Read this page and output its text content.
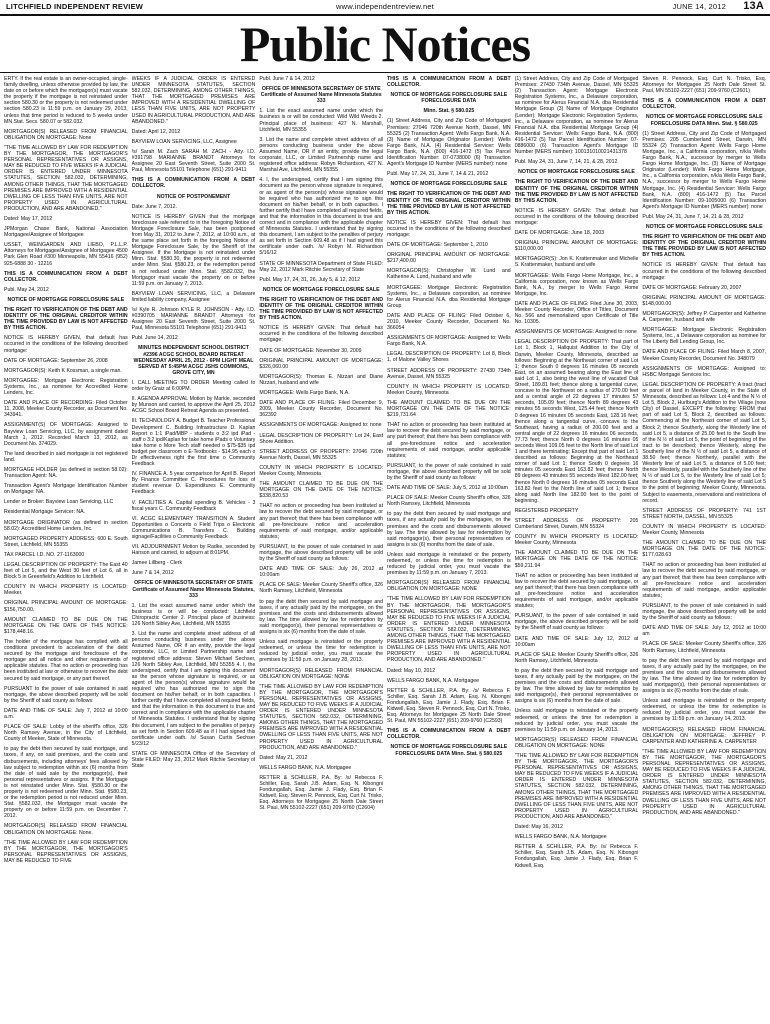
LITCHFIELD INDEPENDENT REVIEW	www.independentreview.net	JUNE 14, 2012 13A
Public Notices

ERTY. If the real estate is an owner-occupied, single-family dwelling, unless otherwise provided by law, the date on or before which the mortgagor(s) must vacate the property if the mortgage is not reinstated under section 580.30 or the property is not redeemed under section 580.23 is 11:59 p.m. on January 29, 2013, unless that time period is reduced to 5 weeks under MN Stat. Secs. 580.07 or 582.032.

MORTGAGOR(S) RELEASED FROM FINANCIAL OBLIGATION ON MORTGAGE: None

"THE TIME ALLOWED BY LAW FOR REDEMPTION BY THE MORTGAGOR, THE MORTGAGOR'S PERSONAL REPRESENTATIVES OR ASSIGNS, MAY BE REDUCED TO FIVE WEEKS IF A JUDICIAL ORDER IS ENTERED UNDER MINNESOTA STATUTES, SECTION 582.032, DETERMINING, AMONG OTHER THINGS, THAT THE MORTGAGED PREMISES ARE IMPROVED WITH A RESIDENTIAL DWELLING OF LESS THAN FIVE UNITS, ARE NOT PROPERTY USED IN AGRICULTURAL PRODUCTION, AND ARE ABANDONED."

Dated: May 17, 2012

JPMorgan Chase Bank, National Association Mortgagee/Assignee of Mortgagee

USSET, WEINGARDEN AND LIEBO, P.L.L.P. Attorneys for Mortgagee/Assignee of Mortgagee 4500 Park Glen Road #300 Minneapolis, MN 55416 (952) 925-6888 30 - 12216

THIS IS A COMMUNICATION FROM A DEBT COLLECTOR.

Publ. May 24, 2012

NOTICE OF MORTGAGE FORECLOSURE SALE

THE RIGHT TO VERIFICATION OF THE DEBT AND IDENTITY OF THE ORIGINAL CREDITOR WITHIN THE TIME PROVIDED BY LAW IS NOT AFFECTED BY THIS ACTION.

NOTICE IS HEREBY GIVEN, that default has occurred in the conditions of the following described mortgage:

DATE OF MORTGAGE: September 26, 2008

MORTGAGOR(S): Keith K Kossman, a single man.

MORTGAGEE: Mortgage Electronic Registration Systems, Inc., as nominee for Accredited Home Lenders, Inc.

DATE AND PLACE OF RECORDING: Filed October 11, 2008, Meeker County Recorder, as Document No. 343941.

ASSIGNMENT(S) OF MORTGAGE: Assigned to Bayview Loan Servicing, LLC, by assignment dated March 1, 2012. Recorded March 13, 2012, as Document No. 374029.

The land described in said mortgage is not registered land.

MORTGAGE HOLDER (as defined in section 58.02): Transaction Agent: NA.

Transaction Agent's Mortgage Identification Number on Mortgage: NA.

Lender or Broker: Bayview Loan Servicing, LLC

Residential Mortgage Servicer: NA.

MORTGAGE ORIGINATOR (as defined in section 58.02): Accredited Home Lenders, Inc.

MORTGAGED PROPERTY ADDRESS: 600 E. South Street, Litchfield, MN 55355

TAX PARCEL I.D. NO. 27-1163000

LEGAL DESCRIPTION OF PROPERTY: The East 40 feet of Lot 5, and the West 30 feet of Lot 6, all in Block 5 in Greenfield's Addition to Litchfield.

COUNTY IN WHICH PROPERTY IS LOCATED: Meeker.

ORIGINAL PRINCIPAL AMOUNT OF MORTGAGE: $156,750.00.

AMOUNT CLAIMED TO BE DUE ON THE MORTGAGE ON THE DATE OF THIS NOTICE: $178,448.16.

The holder of the mortgage has complied with all conditions precedent to acceleration of the debt secured by the mortgage and foreclosure of the mortgage and all notice and other requirements of applicable statutes. That no action or proceeding has been instituted at law or otherwise to recover the debt secured by said mortgage, or any part thereof.

PURSUANT to the power of sale contained in said mortgage, the above described property will be sold by the Sheriff of said county as follows:

DATE AND TIME OF SALE: July 7, 2012 at 10:00 a.m.

PLACE OF SALE: Lobby of the sheriff's office, 326 North Ramsey Avenue, in the City of Litchfield, County of Meeker, State of Minnesota.

to pay the debt then secured by said mortgage, and taxes, if any, on said premises, and the costs and disbursements, including attorneys' fees allowed by law subject to redemption within six (6) months from the date of said sale by the mortgagor(s), their personal representatives or assigns. If the Mortgage is not reinstated under Minn. Stat. §580.30 or the property is not redeemed under Minn. Stat. §580.23, or the redemption period is not reduced under Minn. Stat. §582.032, the Mortgagor must vacate the property on or before 11:59 p.m. on December 7, 2012.

MORTGAGOR(S) RELEASED FROM FINANCIAL OBLIGATION ON MORTGAGE: None.

"THE TIME ALLOWED BY LAW FOR REDEMPTION BY THE MORTGAGOR, THE MORTGAGOR'S PERSONAL REPRESENTATIVES OR ASSIGNS, MAY BE REDUCED TO FIVE

WEEKS IF A JUDICIAL ORDER IS ENTERED UNDER MINNESOTA STATUTES, SECTION 582.032, DETERMINING, AMONG OTHER THINGS, THAT THE MORTGAGED PREMISES ARE IMPROVED WITH A RESIDENTIAL DWELLING OF LESS THAN FIVE UNITS, ARE NOT PROPERTY USED IN AGRICULTURAL PRODUCTION, AND ARE ABANDONED."

Dated: April 12, 2012

BAYVIEW LOAN SERVICING, LLC, Assignee

/s/ Sarah M. Zach SARAH M. ZACH - Atty. I.D. #391798 MARIANNE BRANDT Attorneys for Assignee 20 East Seventh Street, Suite 2000 St. Paul, Minnesota 55101 Telephone (651) 291-9411

THIS IS A COMMUNICATION FROM A DEBT COLLECTOR.

NOTICE OF POSTPONEMENT

Date: June 7, 2012.

NOTICE IS HEREBY GIVEN that the mortgage foreclosure sale referred to in the foregoing Notice of Mortgage Foreclosure Sale, has been postponed from May 31, 2012 to June 7, 2012, at 10:00 a.m., at the same place set forth in the foregoing Notice of Mortgage Foreclosure Sale, by the Sheriff of the Assignee. If the Mortgage is not reinstated under Minn. Stat. §580.30, the property is not redeemed under Minn. Stat. §580.23, or the redemption period is not reduced under Minn. Stat. §582.032, the Mortgagor must vacate the property on or before 11:59 p.m. on January 7, 2013.

BAYVIEW LOAN SERVICING, LLC, a Delaware limited liability company, Assignee

/s/ Kyle R. Johnson KYLE R. JOHNSON - Atty. I.D. #0390705 MARIANNE BRANDT Attorneys for Assignee 20 East Seventh Street, Suite 2000 St. Paul, Minnesota 55101 Telephone (651) 291-9411

Publ. June 14, 2012

MINUTES INDEPENDENT SCHOOL DISTRICT #2396 ACGC SCHOOL BOARD RETREAT WEDNESDAY APRIL 25, 2012 - 6PM LIGHT MEAL SERVED AT 5:45PM ACGC JSHS COMMONS, GROVE CITY, MN

I. CALL MEETING TO ORDER Meeting called to order by Graiz at 6:00PM.

II. AGENDA APPROVAL Motion by Markle, seconded by Munson and carried, to approve the April 25, 2012 ACGC School Board Retreat Agenda as presented.

III. TECHNOLOGY A. Budget B. Teacher Professional Development C. Building Infrastructure D. Kaplan Report o 1:1 iPad/MBP - students o 3:2 ipd iPad - staff o 3:2 ipd/Kaplan for take home iPads o Voluntary take home o More Tech staff needed o $75-$35 ipd budget per classroom o E-Textbooks - $14.95 each o Dr effectiveness right the first time o Community Feedback

IV. FINANCE A. 5 year comparison for April B. Report By Finance Committee C. Procedures for loss of student revenue D. Expenditures E. Community Feedback

V. FACILITIES A. Capital spending B. Vehicles - 3 fiscal years C. Community Feedback

VI. ACGC ELEMENTARY TRANSITION A. Student Opportunities o Concerts o Field Trips o Electronic Communications B. Transfers C. Building signage/Facilities o Community Feedback

VII. ADJOURNMENT Motion by Radke, seconded by Hanson and carried, to adjourn at 8:01PM.

Jamee Lillberg - Clerk

June 7 & 14, 2012

OFFICE OF MINNESOTA SECRETARY OF STATE Certificate of Assumed Name Minnesota Statutes, 333

1. List the exact assumed name under which the business is or will be conducted: Litchfield Chiropractic Center 2. Principal place of business: 126 North Sibley Ave, Litchfield, MN 55355

3. List the name and complete street address of all persons conducting business under the above Assumed Name, OR if an entity, provide the legal corporate, LLC, or Limited Partnership name and registered office address: Steven Michael Sechser, 126 North Sibley Ave, Litchfield, MN 55355 4. I, the undersigned, certify that I am signing this document as the person whose signature is required, or as agent of the person(s) whose signature would be required who has authorized me to sign this document on his/her behalf, or in both capacities. I further certify that I have completed all required fields, and that the information in this document is true and correct and in compliance with the applicable chapter of Minnesota Statutes. I understand that by signing this document, I am subject to the penalties of perjury as set forth in Section 609.48 as if I had signed this certificate under oath. /s/ Susan Curtis Sechser 5/23/12

STATE OF MINNESOTA Office of the Secretary of State FILED: May 23, 2012 Mark Ritchie Secretary of State

Publ. June 7 & 14, 2012

OFFICE OF MINNESOTA SECRETARY OF STATE Certificate of Assumed Name Minnesota Statutes 333

1. List the exact assumed name under which the business is or will be conducted: Wild Wild Weeds 2. Principal place of business: 427 N. Marshall, Litchfield, MN 55355

3. List the name and complete street address of all persons conducting business under the above Assumed Name, OR if an entity, provide the legal corporate, LLC, or Limited Partnership name and registered office address: Robyn Richardson, 427 N. Marshal Ave, Litchfield, MN 55355

4. I, the undersigned, certify that I am signing this document as the person whose signature is required, or as agent of the person(s) whose signature would be required who has authorized me to sign this document on his/her behalf, or in both capacities. I further certify that I have completed all required fields, and that the information in this document is true and correct and in compliance with the applicable chapter of Minnesota Statutes. I understand that by signing this document, I am subject to the penalties of perjury as set forth in Section 609.48 as if I had signed this certificate under oath. /s/ Robyn M. Richardson 5/16/12

STATE OF MINNESOTA Department of State FILED: May 22, 2012 Mark Ritchie Secretary of State

Publ. May 17, 24, 31, 26, July 5, & 12, 2012

NOTICE OF MORTGAGE FORECLOSURE SALE

THE RIGHT TO VERIFICATION OF THE DEBT AND IDENTITY OF THE ORIGINAL CREDITOR WITHIN THE TIME PROVIDED BY LAW IS NOT AFFECTED BY THIS ACTION.

NOTICE IS HEREBY GIVEN: That default has occurred in the conditions of the following described mortgage:

DATE OF MORTGAGE: November 30, 2009

ORIGINAL PRINCIPAL AMOUNT OF MORTGAGE: $326,060.00

MORTGAGOR(S): Thomas E. Nizzari and Diane Nizzari, husband and wife

MORTGAGEE: Wells Fargo Bank, N.A.

DATE AND PLACE OF FILING: Filed December 9, 2009, Meeker County Recorder, Document No. 362392

ASSIGNMENTS OF MORTGAGE: Assigned to: none

LEGAL DESCRIPTION OF PROPERTY: Lot 24, East Shore Addition.

STREET ADDRESS OF PROPERTY: 27046 720th Avenue North, Dassel, MN 55325

COUNTY IN WHICH PROPERTY IS LOCATED: Meeker County, Minnesota

THE AMOUNT CLAIMED TO BE DUE ON THE MORTGAGE ON THE DATE OF THE NOTICE: $338,820.53

THAT no action or proceeding has been instituted at law to recover the debt secured by said mortgage, or any part thereof; that there has been compliance with all pre-foreclosure notice and acceleration requirements of said mortgage, and/or applicable statutes;

PURSUANT, to the power of sale contained in said mortgage, the above described property will be sold by the Sheriff of said county as follows:

DATE AND TIME OF SALE: July 26, 2012 at 10:00am

PLACE OF SALE: Meeker County Sheriff's office, 326 North Ramsey, Litchfield, Minnesota

to pay the debt then secured by said mortgage and taxes, if any actually paid by the mortgagee, on the premises and the costs and disbursements allowed by law. The time allowed by law for redemption by said mortgagor(s), their personal representatives or assigns is six (6) months from the date of sale.

Unless said mortgage is reinstated or the property redeemed, or unless the time for redemption is reduced by judicial order, you must vacate the premises by 11:59 p.m. on January 28, 2013.

MORTGAGOR(S) RELEASED FROM FINANCIAL OBLIGATION ON MORTGAGE: NONE

"THE TIME ALLOWED BY LAW FOR REDEMPTION BY THE MORTGAGOR, THE MORTGAGOR'S PERSONAL REPRESENTATIVES OR ASSIGNS, MAY BE REDUCED TO FIVE WEEKS IF A JUDICIAL ORDER IS ENTERED UNDER MINNESOTA STATUTES, SECTION 582.032, DETERMINING, AMONG OTHER THINGS, THAT THE MORTGAGED PREMISES ARE IMPROVED WITH A RESIDENTIAL DWELLING OF LESS THAN FIVE UNITS, ARE NOT PROPERTY USED IN AGRICULTURAL PRODUCTION, AND ARE ABANDONED."

Dated: May 21, 2012

WELLS FARGO BANK, N.A. Mortgagee

RETTER & SCHILLER, P.A. By: /s/ Rebecca F. Schiller, Esq. Sarah J.B. Adam, Esq. N. Kibongni Fondungallah, Esq. Jamie J. Flady, Esq. Brian F. Kidwell, Esq. Steven R. Pennock, Esq. Curt N. Trisko, Esq. Attorneys for Mortgagee 25 North Dale Street St. Paul, MN 55102-2227 (651) 209-9760 (C2604)

THIS IS A COMMUNICATION FROM A DEBT COLLECTOR.

NOTICE OF MORTGAGE FORECLOSURE SALE FORECLOSURE DATA

Minn. Stat. § 580.025

(1) Street Address, City and Zip Code of Mortgaged Premises: 27046 720th Avenue North, Dassel, MN 55325 (2) Transaction Agent: Wells Fargo Bank, N.A. (3) Name of Mortgage Originator (Lender): Wells Fargo Bank, N.A. (4) Residential Servicer: Wells Fargo Bank, N.A. (800) 416-1472 (5) Tax Parcel Identification Number: 07-0738000 (6) Transaction Agent's Mortgage ID Number (MERS number): none

Publ. May 17, 24, 31, June 7, 14 & 21, 2012

NOTICE OF MORTGAGE FORECLOSURE SALE

THE RIGHT TO VERIFICATION OF THE DEBT AND IDENTITY OF THE ORIGINAL CREDITOR WITHIN THE TIME PROVIDED BY LAW IS NOT AFFECTED BY THIS ACTION.

NOTICE IS HEREBY GIVEN: That default has occurred in the conditions of the following described mortgage:

DATE OF MORTGAGE: September 1, 2010

ORIGINAL PRINCIPAL AMOUNT OF MORTGAGE: $217,400.00

MORTGAGOR(S): Christopher W. Lund and Katherine A. Lund, husband and wife

MORTGAGEE: Mortgage Electronic Registration Systems, Inc., a Delaware corporation, as nominee for Alerus Financial N.A. dba Residential Mortgage Group

DATE AND PLACE OF FILING: Filed October 6, 2010, Meeker County Recorder, Document No. 366054

ASSIGNMENTS OF MORTGAGE: Assigned to: Wells Fargo Bank, N.A.

LEGAL DESCRIPTION OF PROPERTY: Lot 8, Block 1, of Malone Valley Shores

STREET ADDRESS OF PROPERTY: 27430 734th Avenue, Dassel, MN 55325

COUNTY IN WHICH PROPERTY IS LOCATED: Meeker County, Minnesota

THE AMOUNT CLAIMED TO BE DUE ON THE MORTGAGE ON THE DATE OF THE NOTICE: $219,731.64

THAT no action or proceeding has been instituted at law to recover the debt secured by said mortgage, or any part thereof; that there has been compliance with all pre-foreclosure notice and acceleration requirements of said mortgage, and/or applicable statutes;

PURSUANT, to the power of sale contained in said mortgage, the above described property will be sold by the Sheriff of said county as follows:

DATE AND TIME OF SALE: July 5, 2012 at 10:00am

PLACE OF SALE: Meeker County Sheriff's office, 326 North Ramsey, Litchfield, Minnesota

to pay the debt then secured by said mortgage and taxes, if any actually paid by the mortgagee, on the premises and the costs and disbursements allowed by law. The time allowed by law for redemption by said mortgagor(s), their personal representatives or assigns is six (6) months from the date of sale.

Unless said mortgage is reinstated or the property redeemed, or unless the time for redemption is reduced by judicial order, you must vacate the premises by 11:59 p.m. on January 7, 2013.

MORTGAGOR(S) RELEASED FROM FINANCIAL OBLIGATION ON MORTGAGE: NONE

"THE TIME ALLOWED BY LAW FOR REDEMPTION BY THE MORTGAGOR, THE MORTGAGOR'S PERSONAL REPRESENTATIVES OR ASSIGNS, MAY BE REDUCED TO FIVE WEEKS IF A JUDICIAL ORDER IS ENTERED UNDER MINNESOTA STATUTES, SECTION 582.032, DETERMINING, AMONG OTHER THINGS, THAT THE MORTGAGED PREMISES ARE IMPROVED WITH A RESIDENTIAL DWELLING OF LESS THAN FIVE UNITS, ARE NOT PROPERTY USED IN AGRICULTURAL PRODUCTION, AND ARE ABANDONED."

Dated: May 10, 2012

WELLS FARGO BANK, N.A. Mortgagee

RETTER & SCHILLER, P.A. By: /s/ Rebecca F. Schiller, Esq. Sarah J.B. Adam, Esq. N. Kibongni Fondungallah, Esq. Jamie J. Flady, Esq. Brian F. Kidwell, Esq. Steven R. Pennock, Esq. Curt N. Trisko, Esq. Attorneys for Mortgagee 25 North Dale Street St. Paul, MN 55102-2227 (651) 209-9760 (C2593)

THIS IS A COMMUNICATION FROM A DEBT COLLECTOR.

NOTICE OF MORTGAGE FORECLOSURE SALE FORECLOSURE DATA Minn. Stat. § 580.025

(1) Street Address, City and Zip Code of Mortgaged Premises: 27430 734th Avenue, Dassel, MN 55325 (2) Transaction Agent: Mortgage Electronic Registration Systems, Inc., a Delaware corporation, as nominee for Alerus Financial N.A. dba Residential Mortgage Group (3) Name of Mortgage Originator (Lender): Mortgage Electronic Registration Systems, Inc., a Delaware corporation, as nominee for Alerus Financial N.A. dba Residential Mortgage Group (4) Residential Servicer: Wells Fargo Bank, N.A. (800) 416-1472 (5) Tax Parcel Identification Number: 07-0886000 (6) Transaction Agent's Mortgage ID Number (MERS number): 100131010021431378

Publ. May 24, 31, June 7, 14, 21, & 28, 2012

NOTICE OF MORTGAGE FORECLOSURE SALE

THE RIGHT TO VERIFICATION OF THE DEBT AND IDENTITY OF THE ORIGINAL CREDITOR WITHIN THE TIME PROVIDED BY LAW IS NOT AFFECTED BY THIS ACTION.

NOTICE IS HEREBY GIVEN: That default has occurred in the conditions of the following described mortgage:

DATE OF MORTGAGE: June 18, 2003

ORIGINAL PRINCIPAL AMOUNT OF MORTGAGE: $110,000.00

MORTGAGOR(S): Jon K. Krattenmaker and Michelle S. Krattenmaker, husband and wife

MORTGAGEE: Wells Fargo Home Mortgage, Inc., a California corporation, now known as Wells Fargo Bank, N.A., by merger to Wells Fargo Home Mortgage, Inc.

DATE AND PLACE OF FILING: Filed June 30, 2003, Meeker County Recorder, Office of Titles, Document No. 566 and memorialized upon Certificate of Title No. 10305.

ASSIGNMENTS OF MORTGAGE: Assigned to: none

LEGAL DESCRIPTION OF PROPERTY: That part of Lot 1, Block 1, Hallquist Addition to the City of Darwin, Meeker County, Minnesota, described as follows: Beginning at the Northeast corner of said Lot 1; thence South 0 degrees 16 minutes 05 seconds East, on an assumed bearing along the East line of said Lot 1, also being the west line of vacated Oak Street, 189.81 feet; thence along a tangential curve, concave to the Northwest on a radius of 270.00 feet and a central angle of 22 degrees 17 minutes 57 seconds, 105.09 feet; thence North 89 degrees 43 minutes 55 seconds West, 125.44 feet; thence North 0 degrees 16 minutes 05 seconds East, 128.16 feet; thence along a tangential curve, concave to the Southeast, having a radius of 200.00 feet and a central angle of 22 degrees 16 minutes 06 seconds, 77.73 feet; thence North 0 degrees 16 minutes 05 seconds West 109.05 feet to the North line of said Lot 1 and there terminating; Except that part of said Lot 1 described as follows: Beginning at the Northeast corner of said Lot 1; thence South 0 degrees 16 minutes 05 seconds East 163.82 feet; thence North 89 degrees 43 minutes 55 seconds West 182.00 feet; thence North 0 degrees 16 minutes 05 seconds East 163.82 feet to the North line of said Lot 1; thence along said North line 182.00 feet to the point of beginning.

REGISTERED PROPERTY

STREET ADDRESS OF PROPERTY: 205 Cumberland Street, Darwin, MN 55324

COUNTY IN WHICH PROPERTY IS LOCATED: Meeker County, Minnesota

THE AMOUNT CLAIMED TO BE DUE ON THE MORTGAGE ON THE DATE OF THE NOTICE: $59,211.94

THAT no action or proceeding has been instituted at law to recover the debt secured by said mortgage, or any part thereof; that there has been compliance with all pre-foreclosure notice and acceleration requirements of said mortgage, and/or applicable statutes;

PURSUANT, to the power of sale contained in said mortgage, the above described property will be sold by the Sheriff of said county as follows:

DATE AND TIME OF SALE: July 12, 2012 at 10:00am

PLACE OF SALE: Meeker County Sheriff's office, 326 North Ramsey, Litchfield, Minnesota

to pay the debt then secured by said mortgage and taxes, if any actually paid by the mortgagee, on the premises and the costs and disbursements allowed by law. The time allowed by law for redemption by said mortgagor(s), their personal representatives or assigns is six (6) months from the date of sale.

Unless said mortgage is reinstated or the property redeemed, or unless the time for redemption is reduced by judicial order, you must vacate the premises by 11:59 p.m. on January 14, 2013.

MORTGAGOR(S) RELEASED FROM FINANCIAL OBLIGATION ON MORTGAGE: NONE

"THE TIME ALLOWED BY LAW FOR REDEMPTION BY THE MORTGAGOR, THE MORTGAGOR'S PERSONAL REPRESENTATIVES OR ASSIGNS, MAY BE REDUCED TO FIVE WEEKS IF A JUDICIAL ORDER IS ENTERED UNDER MINNESOTA STATUTES, SECTION 582.032, DETERMINING, AMONG OTHER THINGS, THAT THE MORTGAGED PREMISES ARE IMPROVED WITH A RESIDENTIAL DWELLING OF LESS THAN FIVE UNITS, ARE NOT PROPERTY USED IN AGRICULTURAL PRODUCTION, AND ARE ABANDONED."

Dated: May 16, 2012

WELLS FARGO BANK, N.A. Mortgagee

RETTER & SCHILLER, P.A. By: /s/ Rebecca F. Schiller, Esq. Sarah J.B. Adam, Esq. N. Kibongni Fondungallah, Esq. Jamie J. Flady, Esq. Brian F. Kidwell, Esq.

Steven R. Pennock, Esq. Curt N. Trisko, Esq. Attorneys for Mortgagee 25 North Dale Street St. Paul, MN 55102-2227 (651) 209-9760 (C2601)

THIS IS A COMMUNICATION FROM A DEBT COLLECTOR.

NOTICE OF MORTGAGE FORECLOSURE SALE FORECLOSURE DATA Minn. Stat. § 580.025

(1) Street Address, City and Zip Code of Mortgaged Premises: 205 Cumberland Street, Darwin, MN 55324 (2) Transaction Agent: Wells Fargo Home Mortgage, Inc., a California corporation, n/k/a Wells Fargo Bank, N.A., successor by merger to Wells Fargo Home Mortgage, Inc. (3) Name of Mortgage Originator (Lender): Wells Fargo Home Mortgage, Inc., a California corporation, n/k/a Wells Fargo Bank, N.A., successor by merger to Wells Fargo Home Mortgage, Inc. (4) Residential Servicer: Wells Fargo Bank, N.A. (800) 416-1472 (5) Tax Parcel Identification Number: 09-1005000 (6) Transaction Agent's Mortgage ID Number (MERS number): none

Publ. May 24, 31, June 7, 14, 21 & 28, 2012

NOTICE OF MORTGAGE FORECLOSURE SALE

THE RIGHT TO VERIFICATION OF THE DEBT AND IDENTITY OF THE ORIGINAL CREDITOR WITHIN THE TIME PROVIDED BY LAW IS NOT AFFECTED BY THIS ACTION.

NOTICE IS HEREBY GIVEN: That default has occurred in the conditions of the following described mortgage:

DATE OF MORTGAGE: February 20, 2007

ORIGINAL PRINCIPAL AMOUNT OF MORTGAGE: $148,000.00

MORTGAGOR(S): Jeffrey P. Carpenter and Katherine A. Carpenter, husband and wife

MORTGAGEE: Mortgage Electronic Registration Systems, Inc., a Delaware corporation as nominee for The Liberty Bell Lending Group, Inc.

DATE AND PLACE OF FILING: Filed March 8, 2007, Meeker County Recorder, Document No. 348079

ASSIGNMENTS OF MORTGAGE: Assigned to: HSBC Mortgage Services Inc.

LEGAL DESCRIPTION OF PROPERTY: A tract (tract or parcel of land in Meeker County, in the State of Minnesota, described as follows: Lot 4 and the N ½ of Lot 5, Block 2, Hurlburg's Addition to the Village (now City) of Dassel, EXCEPT the following: FROM that part of said Lot 5, Block 2, described as follows: Commencing at the Northeast corner of said Lot 5, Block 2; thence Southerly, along the Westerly line of said Lot 5, a distance of 25.00 feet to the South line of the N ½ of said Lot 5, the point of beginning of the tract to be described; thence Westerly, along the Southerly line of the N ½ of said Lot 5, a distance of 38.50 feet; thence Northerly, parallel with the Westerly line of said Lot 5, a distance of 5.00 feet; thence Westerly, parallel with the Southerly line of the N ½ of said Lot 5, to the Westerly line of said Lot 5; thence Southerly along the Westerly line of said Lot 5 to the point of beginning; Meeker County, Minnesota. Subject to easements, reservations and restrictions of record.

STREET ADDRESS OF PROPERTY: 741 1ST STREET NORTH, DASSEL, MN 55325

COUNTY IN WHICH PROPERTY IS LOCATED: Meeker County, Minnesota

THE AMOUNT CLAIMED TO BE DUE ON THE MORTGAGE ON THE DATE OF THE NOTICE: $177,028.63

THAT no action or proceeding has been instituted at law to recover the debt secured by said mortgage, or any part thereof; that there has been compliance with all pre-foreclosure notice and acceleration requirements of said mortgage, and/or applicable statutes;

PURSUANT, to the power of sale contained in said mortgage, the above described property will be sold by the Sheriff of said county as follows:

DATE AND TIME OF SALE: July 12, 2012 at 10:00 am

PLACE OF SALE: Meeker County Sheriff's office, 326 North Ramsey, Litchfield, Minnesota

to pay the debt then secured by said mortgage and taxes, if any actually paid by the mortgagee, on the premises and the costs and disbursements allowed by law. The time allowed by law for redemption by said mortgagor(s), their personal representatives or assigns is six (6) months from the date of sale.

Unless said mortgage is reinstated or the property redeemed, or unless the time for redemption is reduced by judicial order, you must vacate the premises by 11:59 p.m. on January 14, 2013.

MORTGAGOR(S) RELEASED FROM FINANCIAL OBLIGATION ON MORTGAGE: JEFFREY P. CARPENTER AND KATHERINE A. CARPENTER

"THE TIME ALLOWED BY LAW FOR REDEMPTION BY THE MORTGAGOR, THE MORTGAGOR'S PERSONAL REPRESENTATIVES OR ASSIGNS, MAY BE REDUCED TO FIVE WEEKS IF A JUDICIAL ORDER IS ENTERED UNDER MINNESOTA STATUTES, SECTION 582.032, DETERMINING, AMONG OTHER THINGS, THAT THE MORTGAGED PREMISES ARE IMPROVED WITH A RESIDENTIAL DWELLING OF LESS THAN FIVE UNITS, ARE NOT PROPERTY USED IN AGRICULTURAL PRODUCTION, AND ARE ABANDONED."
